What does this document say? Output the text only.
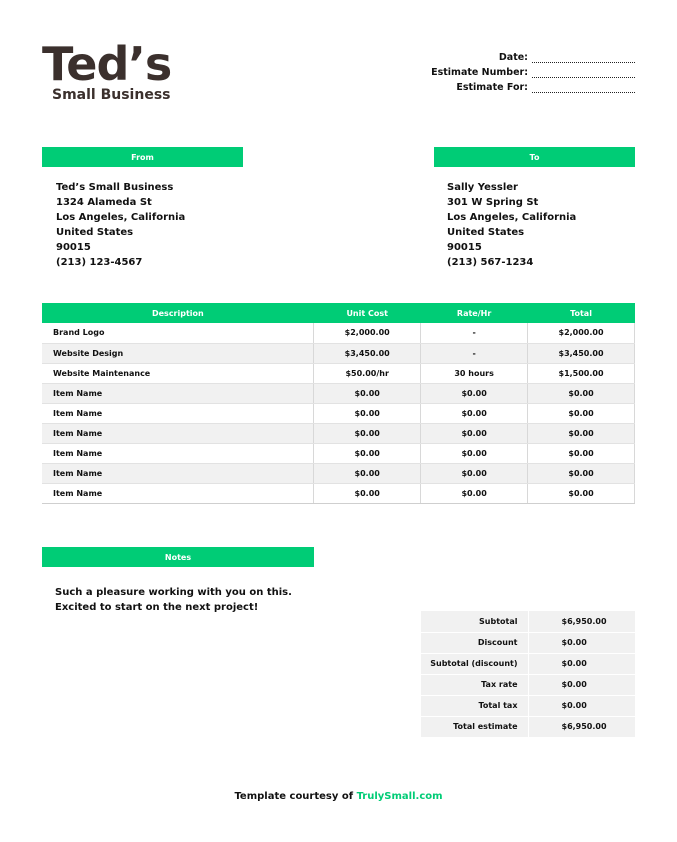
Ted’s
Small Business
Date:
Estimate Number:
Estimate For:
From	To
Ted’s Small Business
1324 Alameda St
Los Angeles, California
United States
90015
(213) 123-4567
Sally Yessler
301 W Spring St
Los Angeles, California
United States
90015
(213) 567-1234
Description	Unit Cost	Rate/Hr	Total
Brand Logo	$2,000.00	-	$2,000.00
Website Design	$3,450.00	-	$3,450.00
Website Maintenance	$50.00/hr	30 hours	$1,500.00
Item Name	$0.00	$0.00	$0.00
Item Name	$0.00	$0.00	$0.00
Item Name	$0.00	$0.00	$0.00
Item Name	$0.00	$0.00	$0.00
Item Name	$0.00	$0.00	$0.00
Item Name	$0.00	$0.00	$0.00
Notes
Such a pleasure working with you on this. Excited to start on the next project!
Subtotal	$6,950.00
Discount	$0.00
Subtotal (discount)	$0.00
Tax rate	$0.00
Total tax	$0.00
Total estimate	$6,950.00
Template courtesy of TrulySmall.com
